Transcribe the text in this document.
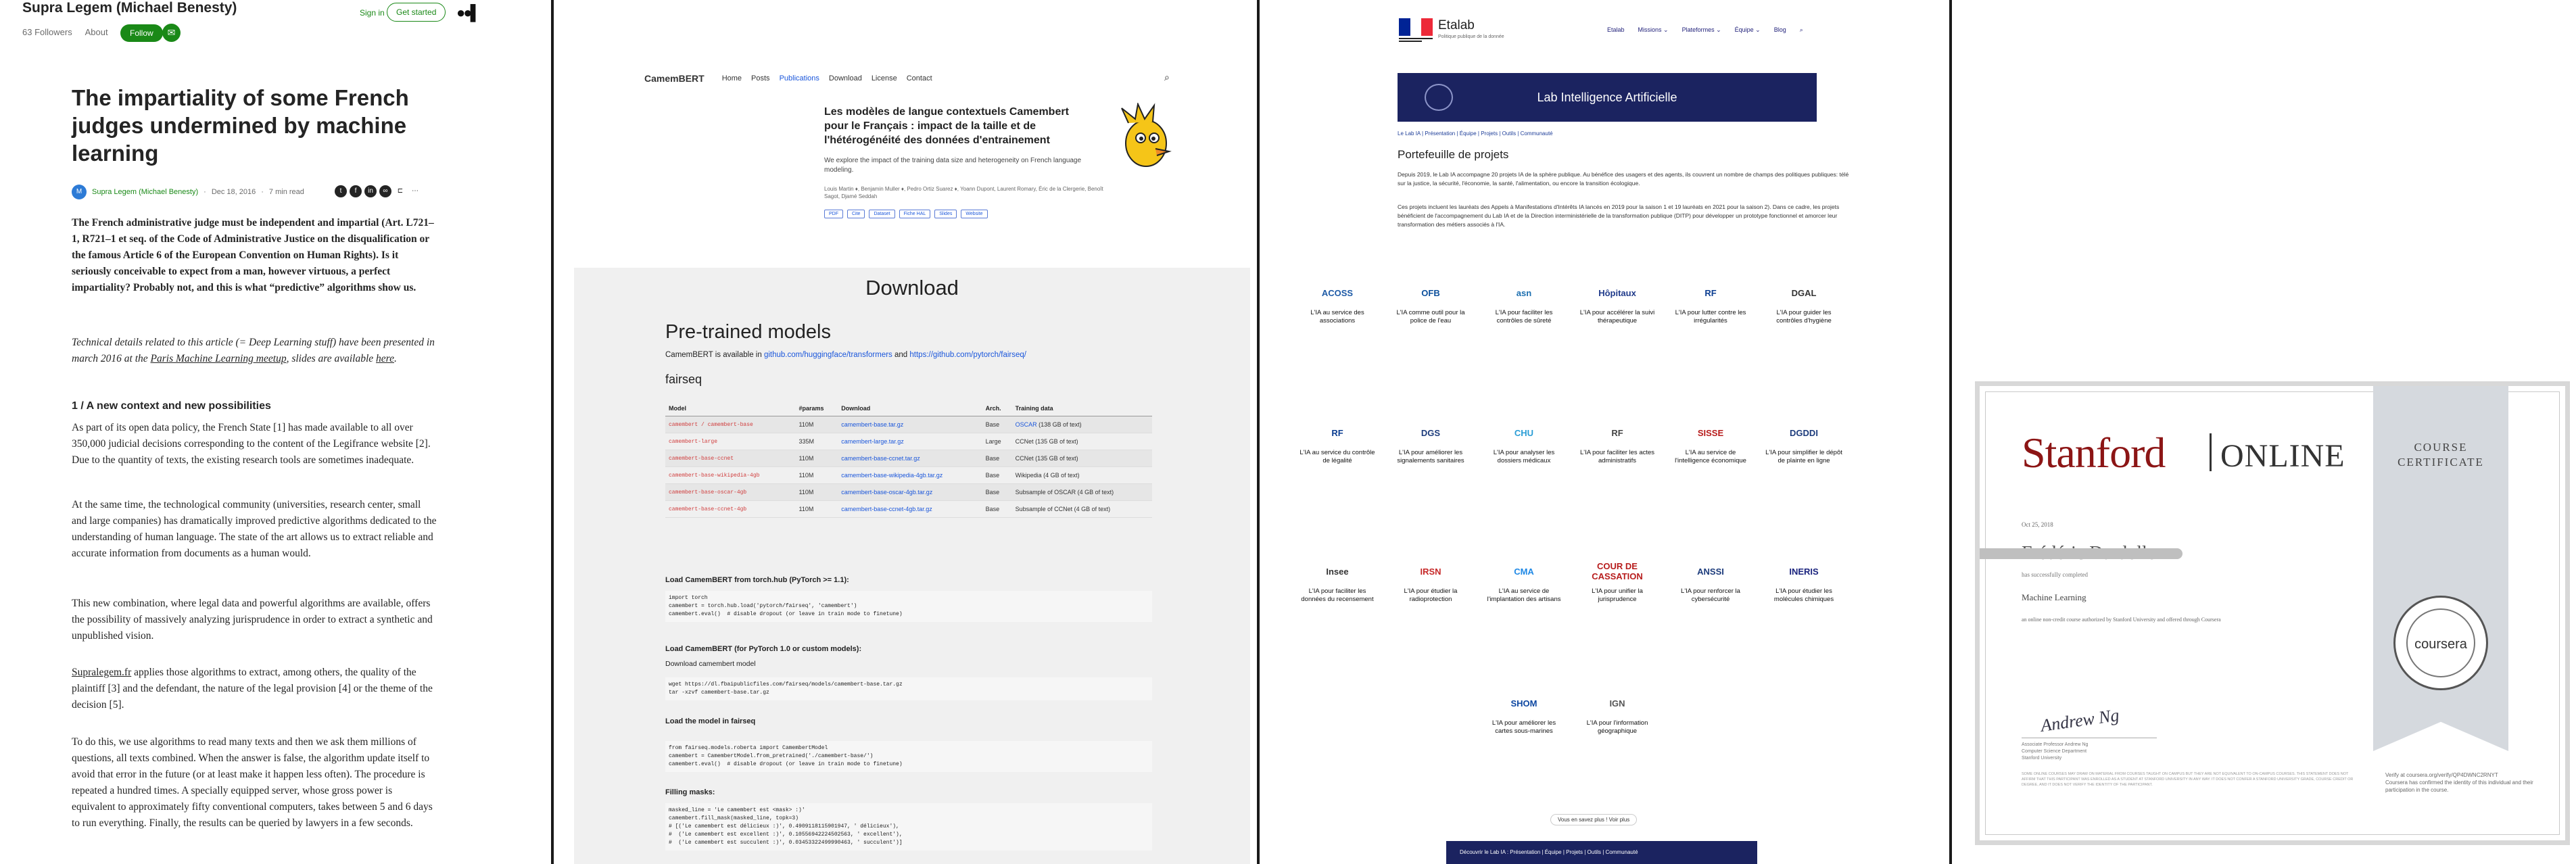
Supra Legem (Michael Benesty)
63 Followers About	Follow	✉
Sign in	Get started	●●▌
The impartiality of some French judges undermined by machine learning
M	Supra Legem (Michael Benesty) · Dec 18, 2016 · 7 min read	t	f	in	∞	⊏	⋯

The French administrative judge must be independent and impartial (Art. L721–1, R721–1 et seq. of the Code of Administrative Justice on the disqualification or the famous Article 6 of the European Convention on Human Rights). Is it seriously conceivable to expect from a man, however virtuous, a perfect impartiality? Probably not, and this is what “predictive” algorithms show us.

Technical details related to this article (= Deep Learning stuff) have been presented in march 2016 at the Paris Machine Learning meetup, slides are available here.

1 / A new context and new possibilities

As part of its open data policy, the French State [1] has made available to all over 350,000 judicial decisions corresponding to the content of the Legifrance website [2]. Due to the quantity of texts, the existing research tools are sometimes inadequate.

At the same time, the technological community (universities, research center, small and large companies) has dramatically improved predictive algorithms dedicated to the understanding of human language. The state of the art allows us to extract reliable and accurate information from documents as a human would.

This new combination, where legal data and powerful algorithms are available, offers the possibility of massively analyzing jurisprudence in order to extract a synthetic and unpublished vision.

Supralegem.fr applies those algorithms to extract, among others, the quality of the plaintiff [3] and the defendant, the nature of the legal provision [4] or the theme of the decision [5].

To do this, we use algorithms to read many texts and then we ask them millions of questions, all texts combined. When the answer is false, the algorithm update itself to avoid that error in the future (or at least make it happen less often). The procedure is repeated a hundred times. A specially equipped server, whose gross power is equivalent to approximately fifty conventional computers, takes between 5 and 6 days to run everything. Finally, the results can be queried by lawyers in a few seconds.

CamemBERT Home Posts Publications Download License Contact	⌕
Les modèles de langue contextuels Camembert pour le Français : impact de la taille et de l'hétérogénéité des données d'entrainement
We explore the impact of the training data size and heterogeneity on French language modeling.
Louis Martin ♦, Benjamin Muller ♦, Pedro Ortiz Suarez ♦, Yoann Dupont, Laurent Romary, Éric de la Clergerie, Benoît Sagot, Djamé Seddah
PDF	Cite	Dataset	Fiche HAL	Slides	Website
Download
Pre-trained models
CamemBERT is available in github.com/huggingface/transformers and https://github.com/pytorch/fairseq/
fairseq
Model	#params	Download	Arch.	Training data
camembert / camembert-base	110M	camembert-base.tar.gz	Base	OSCAR (138 GB of text)
camembert-large	335M	camembert-large.tar.gz	Large	CCNet (135 GB of text)
camembert-base-ccnet	110M	camembert-base-ccnet.tar.gz	Base	CCNet (135 GB of text)
camembert-base-wikipedia-4gb	110M	camembert-base-wikipedia-4gb.tar.gz	Base	Wikipedia (4 GB of text)
camembert-base-oscar-4gb	110M	camembert-base-oscar-4gb.tar.gz	Base	Subsample of OSCAR (4 GB of text)
camembert-base-ccnet-4gb	110M	camembert-base-ccnet-4gb.tar.gz	Base	Subsample of CCNet (4 GB of text)
Load CamemBERT from torch.hub (PyTorch >= 1.1):
import torch
camembert = torch.hub.load('pytorch/fairseq', 'camembert')
camembert.eval()  # disable dropout (or leave in train mode to finetune)
Load CamemBERT (for PyTorch 1.0 or custom models):
Download camembert model
wget https://dl.fbaipublicfiles.com/fairseq/models/camembert-base.tar.gz
tar -xzvf camembert-base.tar.gz
Load the model in fairseq
from fairseq.models.roberta import CamembertModel
camembert = CamembertModel.from_pretrained('./camembert-base/')
camembert.eval()  # disable dropout (or leave in train mode to finetune)
Filling masks:
masked_line = 'Le camembert est <mask> :)'
camembert.fill_mask(masked_line, topk=3)
# [('Le camembert est délicieux :)', 0.4909118115901947, ' délicieux'),
#  ('Le camembert est excellent :)', 0.10556942224502563, ' excellent'),
#  ('Le camembert est succulent :)', 0.03453322499990463, ' succulent')]
Etalab
Politique publique de la donnée
Etalab Missions ⌄ Plateformes ⌄ Équipe ⌄ Blog ⌕
Lab Intelligence Artificielle
Le Lab IA | Présentation | Équipe | Projets | Outils | Communauté
Portefeuille de projets

Depuis 2019, le Lab IA accompagne 20 projets IA de la sphère publique. Au bénéfice des usagers et des agents, ils couvrent un nombre de champs des politiques publiques: télé sur la justice, la sécurité, l'économie, la santé, l'alimentation, ou encore la transition écologique.

Ces projets incluent les lauréats des Appels à Manifestations d'Intérêts IA lancés en 2019 pour la saison 1 et 19 lauréats en 2021 pour la saison 2). Dans ce cadre, les projets bénéficient de l'accompagnement du Lab IA et de la Direction interministérielle de la transformation publique (DITP) pour développer un prototype fonctionnel et amorcer leur transformation des métiers associés à l'IA.

ACOSS
L'IA au service des associations
OFB
L'IA comme outil pour la police de l'eau
asn
L'IA pour faciliter les contrôles de sûreté
Hôpitaux
L'IA pour accélérer la suivi thérapeutique
RF
L'IA pour lutter contre les irrégularités
DGAL
L'IA pour guider les contrôles d'hygiène
RF
L'IA au service du contrôle de légalité
DGS
L'IA pour améliorer les signalements sanitaires
CHU
L'IA pour analyser les dossiers médicaux
RF
L'IA pour faciliter les actes administratifs
SISSE
L'IA au service de l'intelligence économique
DGDDI
L'IA pour simplifier le dépôt de plainte en ligne
Insee
L'IA pour faciliter les données du recensement
IRSN
L'IA pour étudier la radioprotection
CMA
L'IA au service de l'implantation des artisans
COUR DE CASSATION
L'IA pour unifier la jurisprudence
ANSSI
L'IA pour renforcer la cybersécurité
INERIS
L'IA pour étudier les molécules chimiques
SHOM
L'IA pour améliorer les cartes sous-marines
IGN
L'IA pour l'information géographique
Vous en savez plus ! Voir plus
Découvrir le Lab IA : Présentation | Équipe | Projets | Outils | Communauté
Stanford ONLINE	COURSE CERTIFICATE
coursera
Oct 25, 2018
has successfully completed
Machine Learning
an online non-credit course authorized by Stanford University and offered through Coursera
Andrew Ng
Associate Professor Andrew Ng
Computer Science Department
Stanford University
SOME ONLINE COURSES MAY DRAW ON MATERIAL FROM COURSES TAUGHT ON CAMPUS BUT THEY ARE NOT EQUIVALENT TO ON-CAMPUS COURSES. THIS STATEMENT DOES NOT AFFIRM THAT THIS PARTICIPANT WAS ENROLLED AS A STUDENT AT STANFORD UNIVERSITY IN ANY WAY. IT DOES NOT CONFER A STANFORD UNIVERSITY GRADE, COURSE CREDIT OR DEGREE, AND IT DOES NOT VERIFY THE IDENTITY OF THE PARTICIPANT.
Verify at coursera.org/verify/QP4DWNC2RNYT
Coursera has confirmed the identity of this individual and their participation in the course.
